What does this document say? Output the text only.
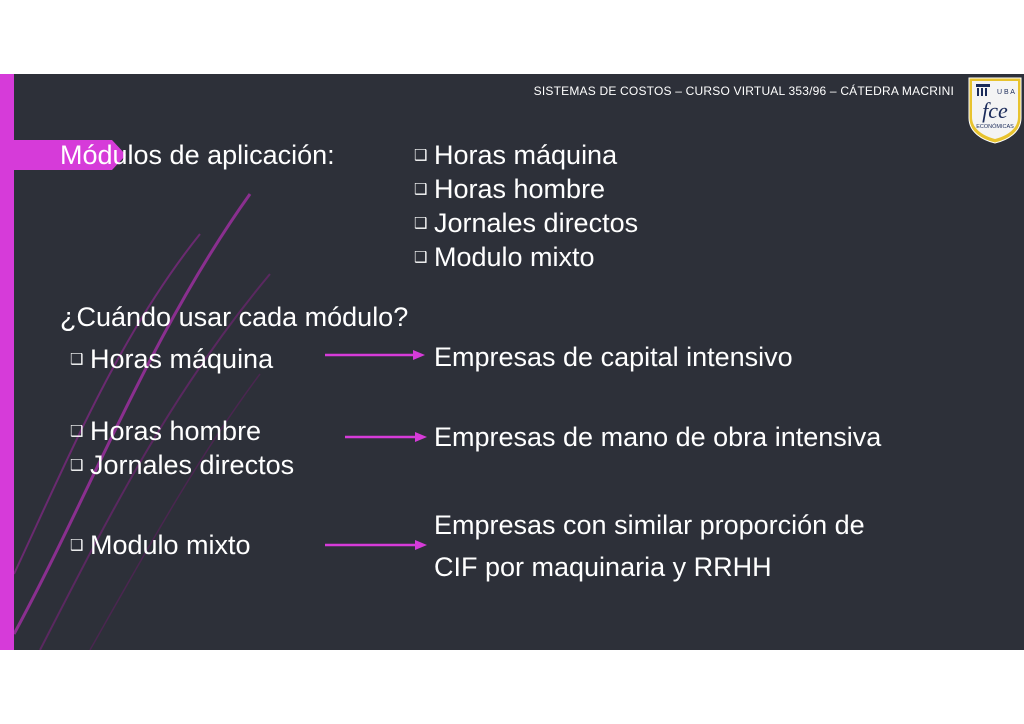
SISTEMAS DE COSTOS – CURSO VIRTUAL 353/96 – CÁTEDRA MACRINI	U B A
fce
ECONÓMICAS
Módulos de aplicación:	❑ Horas máquina
❑ Horas hombre
❑ Jornales directos
❑ Modulo mixto
¿Cuándo usar cada módulo?
❑ Horas máquina
❑ Horas hombre
❑ Jornales directos
❑ Modulo mixto
Empresas de capital intensivo
Empresas de mano de obra intensiva
Empresas con similar proporción de
CIF por maquinaria y RRHH
